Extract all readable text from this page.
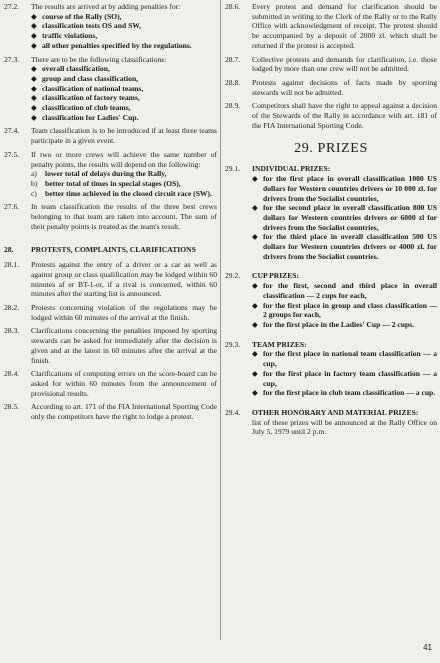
27.2.	The results are arrived at by adding penalties for:
◆ course of the Rally (SO),
◆ classification tests OS and SW,
◆ traffic violations,
◆ all other penalties specified by the regulations.
27.3.	There are to be the following classifications:
◆ overall classification,
◆ group and class classification,
◆ classification of national teams,
◆ classification of factory teams,
◆ classification of club teams,
◆ classification for Ladies' Cup.
27.4.	Team classification is to be introduced if at least three teams participate in a given event.
27.5.	If two or more crews will achieve the same number of penalty points, the results will depend on the following:
a)	lower total of delays during the Rally,
b)	better total of times in special stages (OS),
c)	better time achieved in the closed circuit race (SW).
27.6.	In team classification the results of the three best crews belonging to that team are taken into account. The sum of their penalty points is treated as the team's result.
28.	PROTESTS, COMPLAINTS, CLARIFICATIONS
28.1.	Protests against the entry of a driver or a car as well as against group or class qualification may be lodged within 60 minutes af er BT-1-or, if a rival is concerned, within 60 minutes after the starting list is announced.
28.2.	Protests concerning violation of the regulations may be lodged within 60 minutes of the arrival at the finish.
28.3.	Clarifications concerning the penalties imposed by sporting stewards can be asked for immediately after the decision is given and at the latest in 60 minutes after the arrival at the finish.
28.4.	Clarifications of computing errors on the score-board can be asked for within 60 minutes from the announcement of provisional results.
28.5.	According to art. 171 of the FIA International Sporting Code only the competitors have the right to lodge a protest.
28.6.	Every protest and demand for clarification should be submitted in writing to the Clerk of the Rally or to the Rally Office with acknowledgment of receipt. The protest should be accompanied by a deposit of 2000 zl. which shall be returned if the protest is accepted.
28.7.	Collective protests and demands for clarification, i.e. those lodged by more than one crew will not be admitted.
28.8.	Protests against decisions of facts made by sporting stewards will not be admitted.
28.9.	Competitors shall have the right to appeal against a decision of the Stewards of the Rally in accordance with art. 181 of the FIA International Sporting Code.
29. PRIZES
29.1.	INDIVIDUAL PRIZES:
◆ for the first place in overall classification 1000 US dollars for Western countries drivers or 10 000 zl. for drivers from the Socialist countries,
◆ for the second place in overall classification 800 US dollars for Western countries drivers or 6000 zl for drivers from the Socialist countries,
◆ for the third place in overall classification 500 US dollars for Western countries drivers or 4000 zl. for drivers from the Socialist countries.
29.2.	CUP PRIZES:
◆ for the first, second and third place in overall classification — 2 cups for each,
◆ for the first place in group and class classification — 2 groups for each,
◆ for the first place in the Ladies' Cup — 2 cups.
29.3.	TEAM PRIZES:
◆ for the first place in national team classification — a cup,
◆ for the first place in factory team classification — a cup,
◆ for the first place in club team classification — a cup.
29.4.	OTHER HONORARY AND MATERIAL PRIZES:
list of these prizes will be announced at the Rally Office on July 5, 1979 until 2 p.m.
41
